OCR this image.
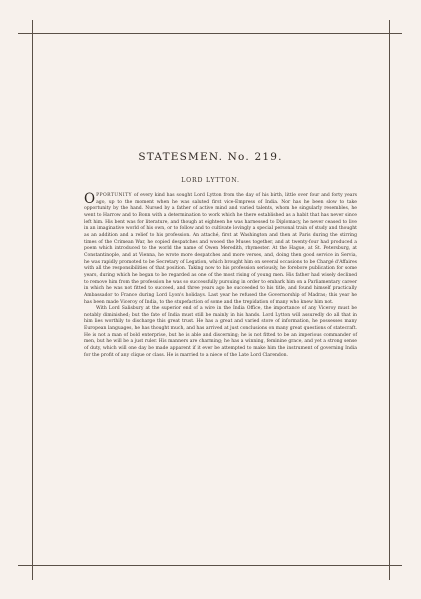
STATESMEN. No. 219.
LORD LYTTON.

OPPORTUNITY of every kind has sought Lord Lytton from the day of his birth, little over four and forty years ago, up to the moment when he was saluted first vice-Empress of India. Nor has he been slow to take opportunity by the hand. Nursed by a father of active mind and varied talents, whom he singularly resembles, he went to Harrow and to Bonn with a determination to work which he there established as a habit that has never since left him. His bent was for literature, and though at eighteen he was harnessed to Diplomacy, he never ceased to live in an imaginative world of his own, or to follow and to cultivate lovingly a special personal train of study and thought as an addition and a relief to his profession. An attaché, first at Washington and then at Paris during the stirring times of the Crimean War, he copied despatches and wooed the Muses together, and at twenty-four had produced a poem which introduced to the world the name of Owen Meredith, rhymester. At the Hague, at St. Petersburg, at Constantinople, and at Vienna, he wrote more despatches and more verses, and, doing then good service in Servia, he was rapidly promoted to be Secretary of Legation, which brought him on several occasions to be Chargé d'Affaires with all the responsibilities of that position. Taking now to his profession seriously, he forebore publication for some years, during which he began to be regarded as one of the most rising of young men. His father had wisely declined to remove him from the profession he was so successfully pursuing in order to embark him on a Parliamentary career in which he was not fitted to succeed, and three years ago he succeeded to his title, and found himself practically Ambassador to France during Lord Lyon's holidays. Last year he refused the Governorship of Madras; this year he has been made Viceroy of India, to the stupefaction of some and the trepidation of many who knew him not.

With Lord Salisbury at the superior end of a wire in the India Office, the importance of any Viceroy must be notably diminished; but the fate of India must still be mainly in his hands. Lord Lytton will assuredly do all that in him lies worthily to discharge this great trust. He has a great and varied store of information, he possesses many European languages, he has thought much, and has arrived at just conclusions on many great questions of statecraft. He is not a man of bold enterprise, but he is able and discerning; he is not fitted to be an imperious commander of men, but he will be a just ruler. His manners are charming; he has a winning, feminine grace, and yet a strong sense of duty, which will one day be made apparent if it ever be attempted to make him the instrument of governing India for the profit of any clique or class. He is married to a niece of the Late Lord Clarendon.
